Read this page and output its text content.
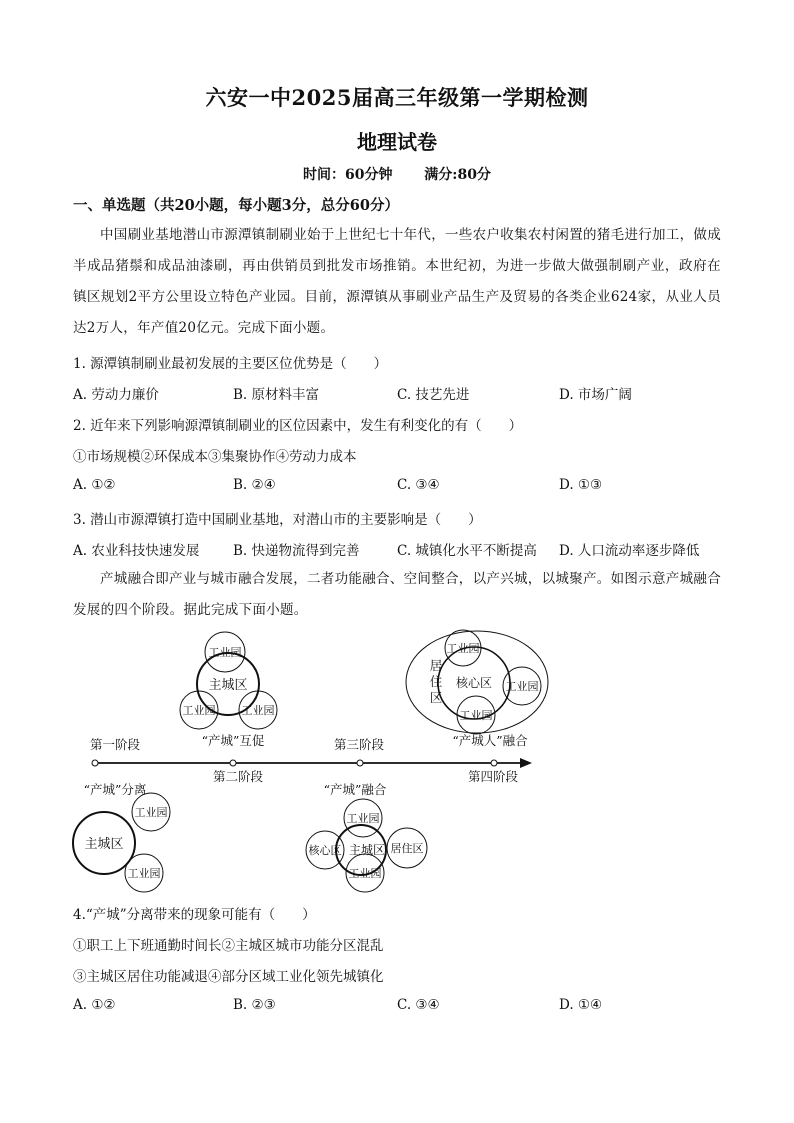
六安一中2025届高三年级第一学期检测
地理试卷
时间：60分钟 满分:80分
一、单选题（共20小题，每小题3分，总分60分）

中国刷业基地潜山市源潭镇制刷业始于上世纪七十年代，一些农户收集农村闲置的猪毛进行加工，做成半成品猪鬃和成品油漆刷，再由供销员到批发市场推销。本世纪初，为进一步做大做强制刷产业，政府在镇区规划2平方公里设立特色产业园。目前，源潭镇从事刷业产品生产及贸易的各类企业624家，从业人员达2万人，年产值20亿元。完成下面小题。

1. 源潭镇制刷业最初发展的主要区位优势是（　　）
A. 劳动力廉价	B. 原材料丰富	C. 技艺先进	D. 市场广阔
2. 近年来下列影响源潭镇制刷业的区位因素中，发生有利变化的有（　　）
①市场规模②环保成本③集聚协作④劳动力成本
A. ①②	B. ②④	C. ③④	D. ①③
3. 潜山市源潭镇打造中国刷业基地，对潜山市的主要影响是（　　）
A. 农业科技快速发展 B. 快递物流得到完善	C. 城镇化水平不断提高 D. 人口流动率逐步降低

产城融合即产业与城市融合发展，二者功能融合、空间整合，以产兴城，以城聚产。如图示意产城融合发展的四个阶段。据此完成下面小题。

工业园
主城区
工业园 工业园
“产城”互促
工业园
核心区 工业园
工业园
居
住
区
“产城人”融合
第一阶段
第二阶段
第三阶段
第四阶段
“产城”分离
主城区
工业园
工业园
“产城”融合
工业园
核心区 主城区 居住区
工业园
4.“产城”分离带来的现象可能有（　　）
①职工上下班通勤时间长②主城区城市功能分区混乱
③主城区居住功能减退④部分区域工业化领先城镇化
A. ①②	B. ②③	C. ③④	D. ①④
